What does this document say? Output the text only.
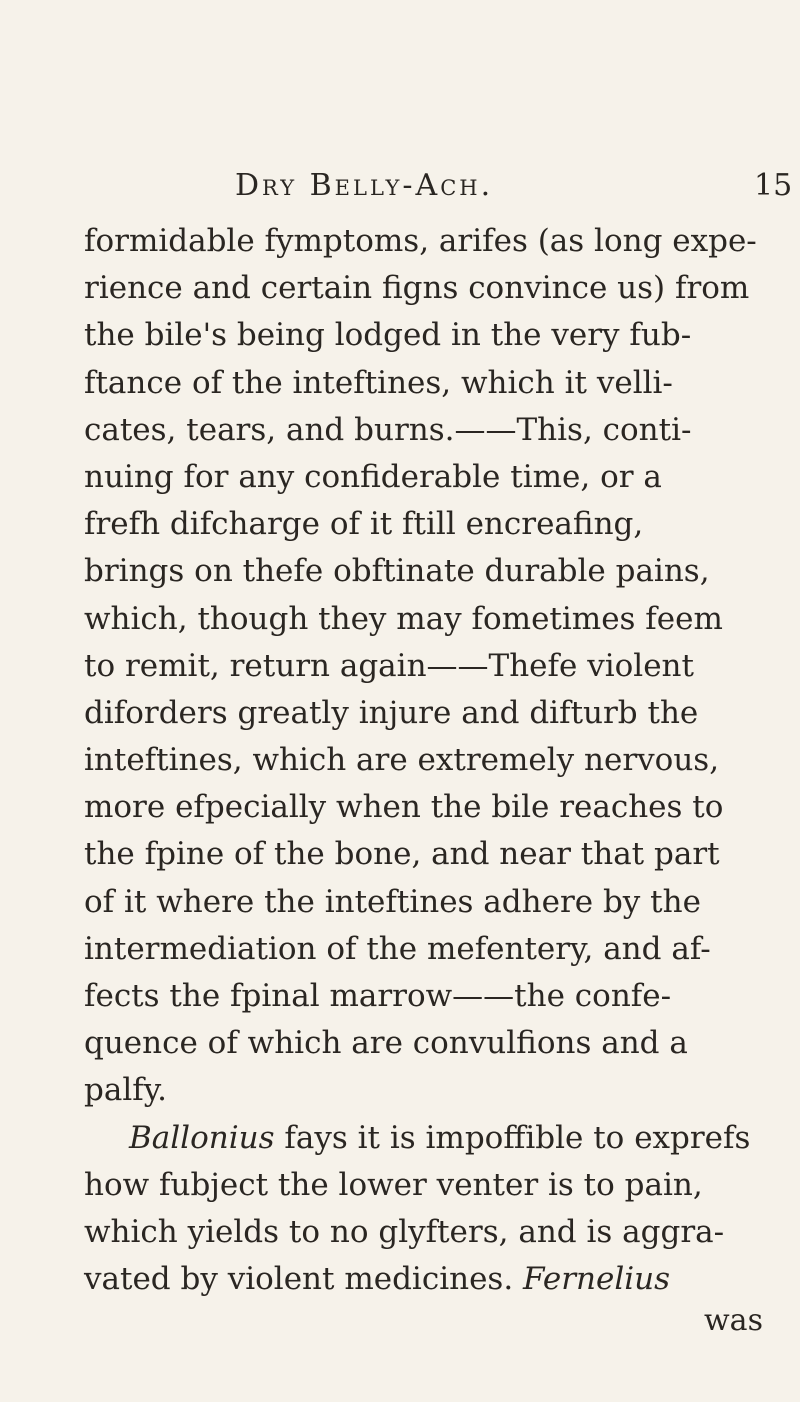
Dry Belly-Ach.	15
formidable fymptoms, arifes (as long expe-
rience and certain figns convince us) from
the bile's being lodged in the very fub-
ftance of the inteftines, which it velli-
cates, tears, and burns.——This, conti-
nuing for any confiderable time, or a
frefh difcharge of it ftill encreafing,
brings on thefe obftinate durable pains,
which, though they may fometimes feem
to remit, return again——Thefe violent
diforders greatly injure and difturb the
inteftines, which are extremely nervous,
more efpecially when the bile reaches to
the fpine of the bone, and near that part
of it where the inteftines adhere by the
intermediation of the mefentery, and af-
fects the fpinal marrow——the confe-
quence of which are convulfions and a
palfy.
Ballonius fays it is impoffible to exprefs
how fubject the lower venter is to pain,
which yields to no glyfters, and is aggra-
vated by violent medicines. Fernelius
was
